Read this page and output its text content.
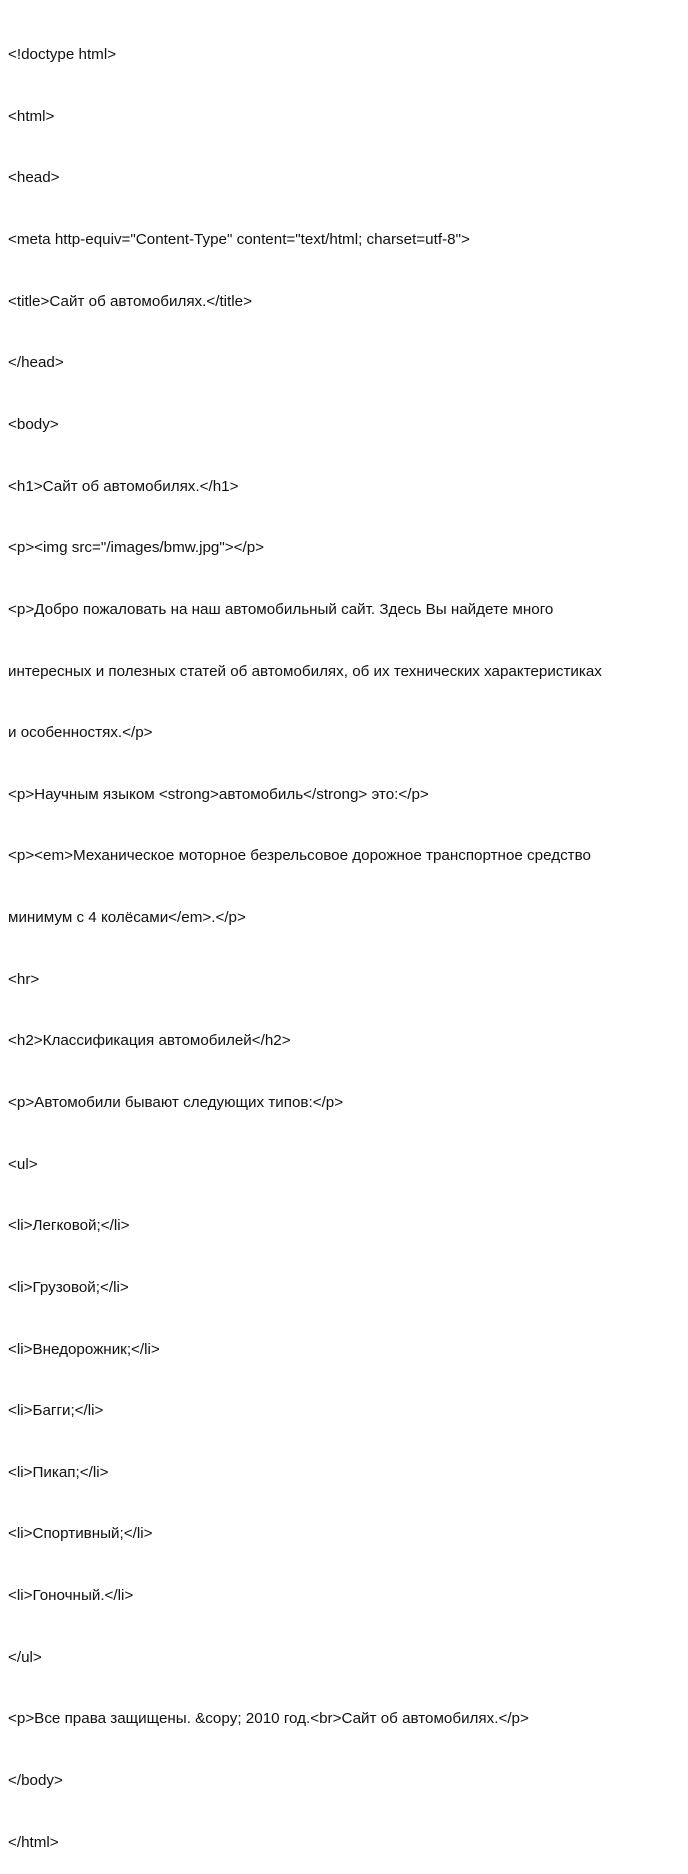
<!doctype html>

<html>

<head>

<meta http-equiv="Content-Type" content="text/html; charset=utf-8">

<title>Сайт об автомобилях.</title>

</head>

<body>

<h1>Сайт об автомобилях.</h1>

<p><img src="/images/bmw.jpg"></p>

<p>Добро пожаловать на наш автомобильный сайт. Здесь Вы найдете много

интересных и полезных статей об автомобилях, об их технических характеристиках

и особенностях.</p>

<p>Научным языком <strong>автомобиль</strong> это:</p>

<p><em>Механическое моторное безрельсовое дорожное транспортное средство

минимум с 4 колёсами</em>.</p>

<hr>

<h2>Классификация автомобилей</h2>

<p>Автомобили бывают следующих типов:</p>

<ul>

<li>Легковой;</li>

<li>Грузовой;</li>

<li>Внедорожник;</li>

<li>Багги;</li>

<li>Пикап;</li>

<li>Спортивный;</li>

<li>Гоночный.</li>

</ul>

<p>Все права защищены. &copy; 2010 год.<br>Сайт об автомобилях.</p>

</body>

</html>
